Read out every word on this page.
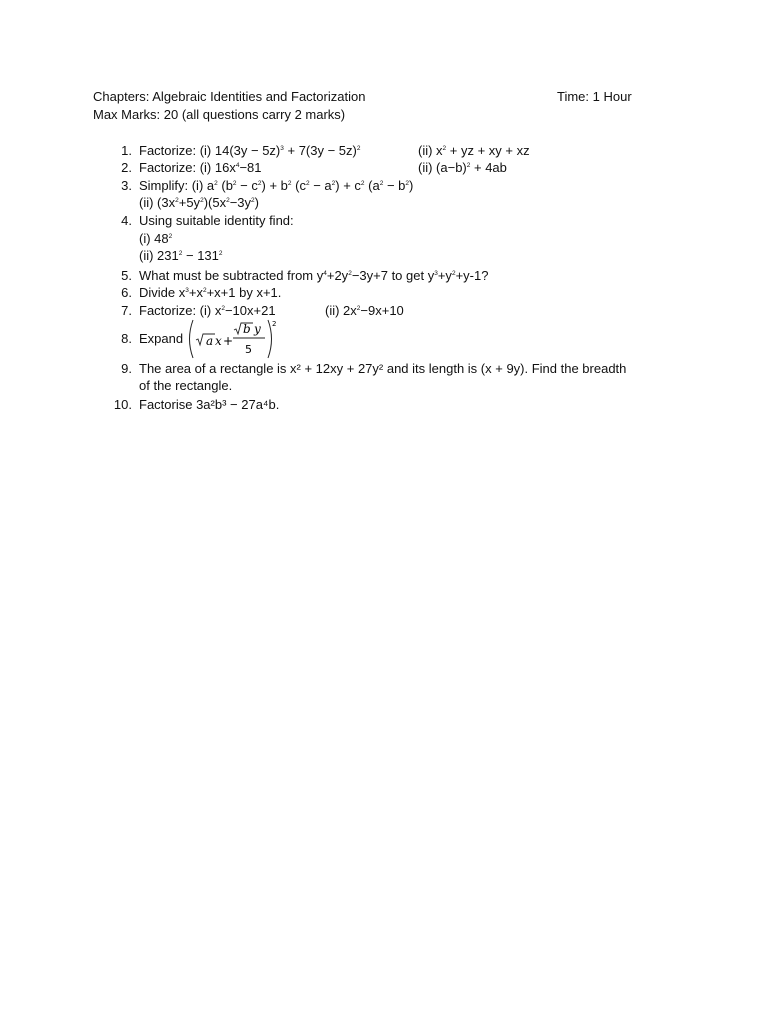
Chapters: Algebraic Identities and Factorization	Time: 1 Hour
Max Marks: 20 (all questions carry 2 marks)
1. Factorize: (i) $14(3y - 5z)^3 + 7(3y - 5z)^2$	(ii) $x^2$ + yz + xy + xz
2. Factorize: (i) $16x^4-81$	(ii) $(a-b)^2 + 4ab$
3. Simplify: (i) $a^2$ $(b^2 - c^2) + b^2$ $(c^2 - a^2) + c^2$ $(a^2 - b^2)$
(ii) $(3x^2+5y^2)(5x^2-3y^2)$
4. Using suitable identity find:
(i) $48^2$
(ii) $231^2 - 131^2$
5. What must be subtracted from $y^4+2y^2-3y+7$ to get $y^3+y^2+y-1$?
6. Divide $x^3+x^2+x+1$ by x+1.
7. Factorize: (i) $x^2-10x+21$	(ii) $2x^2-9x+10$
8. Expand a x +
b y
5
2
9. The area of a rectangle is x² + 12xy + 27y² and its length is (x + 9y). Find the breadth
of the rectangle.
10. Factorise 3a²b³ − 27a⁴b.
